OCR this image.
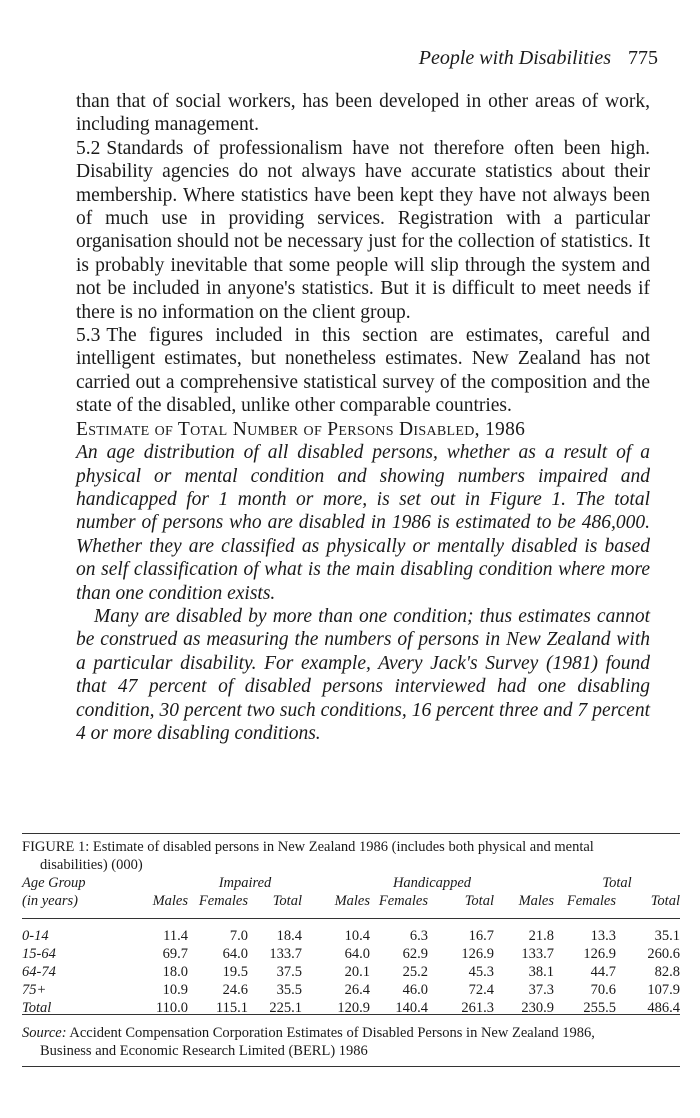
People with Disabilities 775

than that of social workers, has been developed in other areas of work, including management.

5.2 Standards of professionalism have not therefore often been high. Disability agencies do not always have accurate statistics about their membership. Where statistics have been kept they have not always been of much use in providing services. Registration with a particular organisation should not be necessary just for the collection of statistics. It is probably inevitable that some people will slip through the system and not be included in anyone's statistics. But it is difficult to meet needs if there is no information on the client group.

5.3 The figures included in this section are estimates, careful and intelligent estimates, but nonetheless estimates. New Zealand has not carried out a comprehensive statistical survey of the composition and the state of the disabled, unlike other comparable countries.

Estimate of Total Number of Persons Disabled, 1986

An age distribution of all disabled persons, whether as a result of a physical or mental condition and showing numbers impaired and handicapped for 1 month or more, is set out in Figure 1. The total number of persons who are disabled in 1986 is estimated to be 486,000. Whether they are classified as physically or mentally disabled is based on self classification of what is the main disabling condition where more than one condition exists.

Many are disabled by more than one condition; thus estimates cannot be construed as measuring the numbers of persons in New Zealand with a particular disability. For example, Avery Jack's Survey (1981) found that 47 percent of disabled persons interviewed had one disabling condition, 30 percent two such conditions, 16 percent three and 7 percent 4 or more disabling conditions.

FIGURE 1: Estimate of disabled persons in New Zealand 1986 (includes both physical and mental
disabilities) (000)

Age Group		Impaired			Handicapped			Total	
(in years)	Males	Females	Total	Males	Females	Total	Males	Females	Total

0-14	11.4	7.0	18.4	10.4	6.3	16.7	21.8	13.3	35.1
15-64	69.7	64.0	133.7	64.0	62.9	126.9	133.7	126.9	260.6
64-74	18.0	19.5	37.5	20.1	25.2	45.3	38.1	44.7	82.8
75+	10.9	24.6	35.5	26.4	46.0	72.4	37.3	70.6	107.9
Total	110.0	115.1	225.1	120.9	140.4	261.3	230.9	255.5	486.4

Source: Accident Compensation Corporation Estimates of Disabled Persons in New Zealand 1986,
Business and Economic Research Limited (BERL) 1986
